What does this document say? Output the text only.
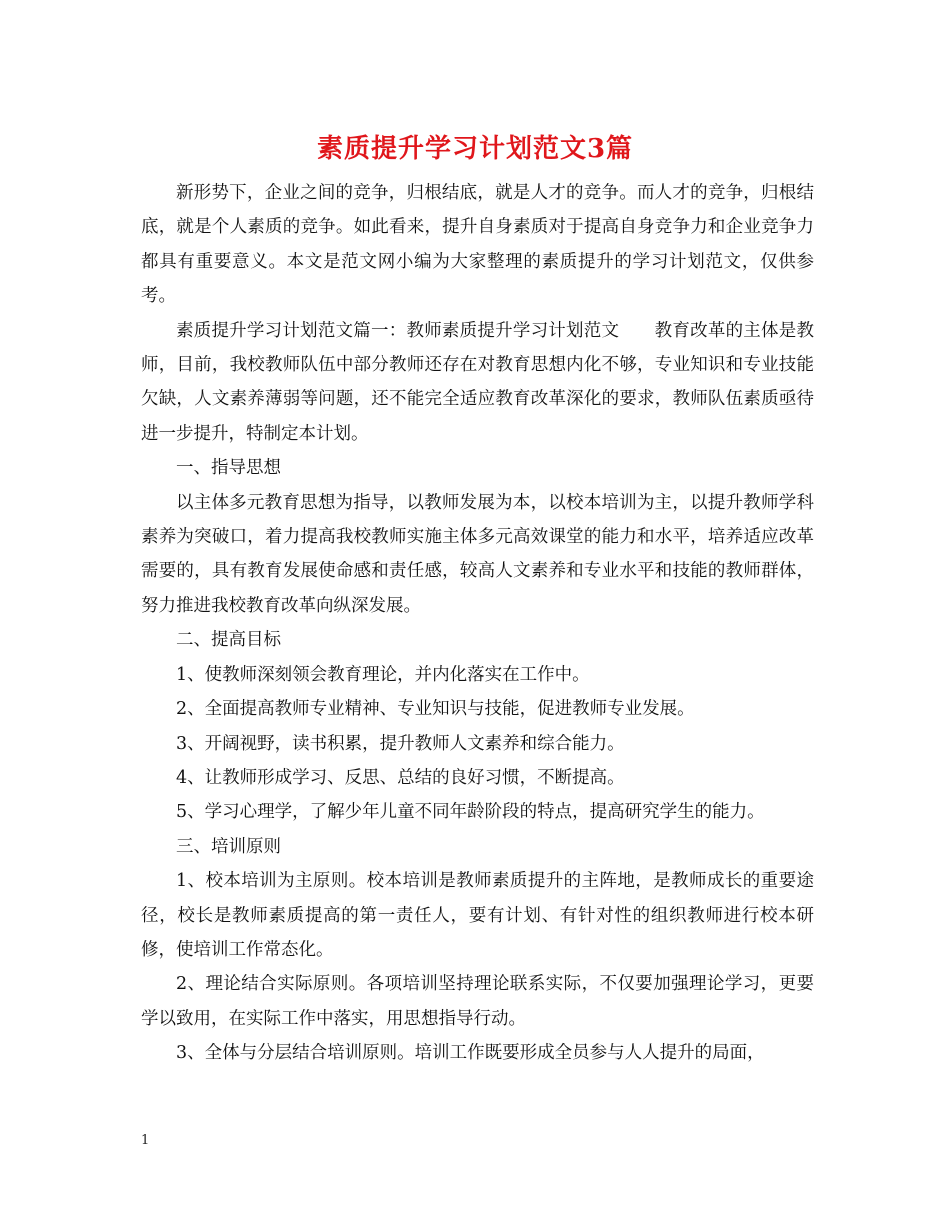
素质提升学习计划范文3篇

新形势下，企业之间的竞争，归根结底，就是人才的竞争。而人才的竞争，归根结底，就是个人素质的竞争。如此看来，提升自身素质对于提高自身竞争力和企业竞争力都具有重要意义。本文是范文网小编为大家整理的素质提升的学习计划范文，仅供参考。

素质提升学习计划范文篇一：教师素质提升学习计划范文　　教育改革的主体是教师，目前，我校教师队伍中部分教师还存在对教育思想内化不够，专业知识和专业技能欠缺，人文素养薄弱等问题，还不能完全适应教育改革深化的要求，教师队伍素质亟待进一步提升，特制定本计划。

一、指导思想

以主体多元教育思想为指导，以教师发展为本，以校本培训为主，以提升教师学科素养为突破口，着力提高我校教师实施主体多元高效课堂的能力和水平，培养适应改革需要的，具有教育发展使命感和责任感，较高人文素养和专业水平和技能的教师群体，努力推进我校教育改革向纵深发展。

二、提高目标

1、使教师深刻领会教育理论，并内化落实在工作中。

2、全面提高教师专业精神、专业知识与技能，促进教师专业发展。

3、开阔视野，读书积累，提升教师人文素养和综合能力。

4、让教师形成学习、反思、总结的良好习惯，不断提高。

5、学习心理学，了解少年儿童不同年龄阶段的特点，提高研究学生的能力。

三、培训原则

1、校本培训为主原则。校本培训是教师素质提升的主阵地，是教师成长的重要途径，校长是教师素质提高的第一责任人，要有计划、有针对性的组织教师进行校本研修，使培训工作常态化。

2、理论结合实际原则。各项培训坚持理论联系实际，不仅要加强理论学习，更要学以致用，在实际工作中落实，用思想指导行动。

3、全体与分层结合培训原则。培训工作既要形成全员参与人人提升的局面，

1
